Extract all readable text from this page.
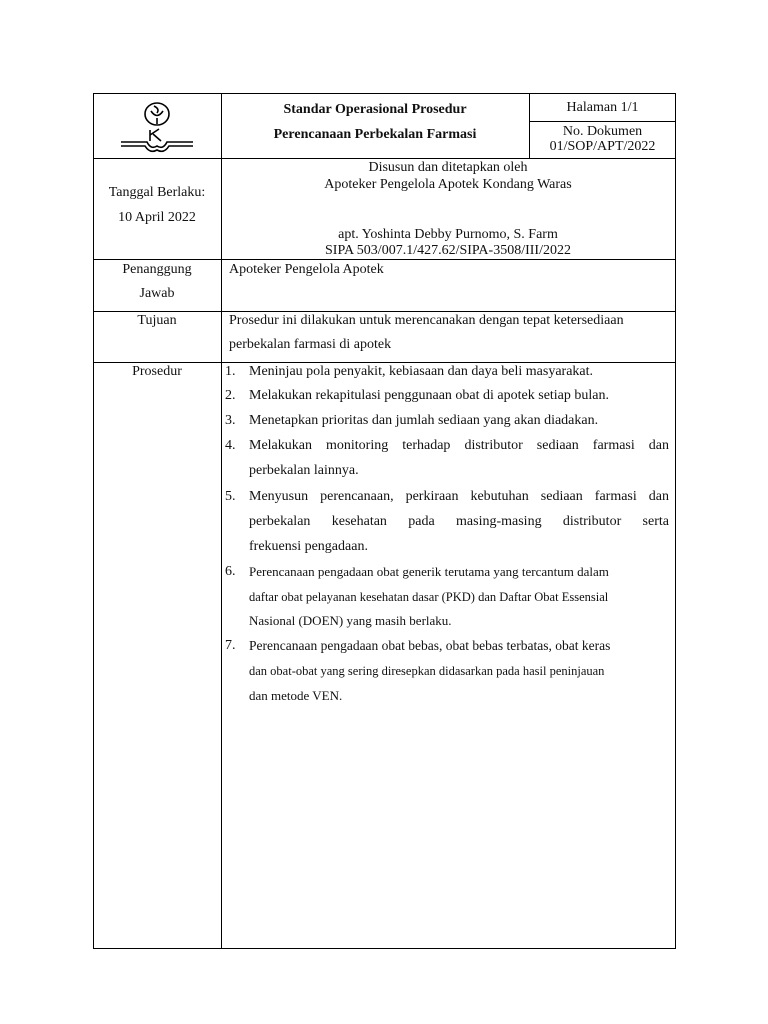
Standar Operasional Prosedur
Perencanaan Perbekalan Farmasi
Halaman 1/1
No. Dokumen
01/SOP/APT/2022
Tanggal Berlaku:
10 April 2022
Disusun dan ditetapkan oleh
Apoteker Pengelola Apotek Kondang Waras
apt. Yoshinta Debby Purnomo, S. Farm
SIPA 503/007.1/427.62/SIPA-3508/III/2022
Penanggung
Jawab
Apoteker Pengelola Apotek
Tujuan	Prosedur ini dilakukan untuk merencanakan dengan tepat ketersediaan
perbekalan farmasi di apotek
Prosedur	1. Meninjau pola penyakit, kebiasaan dan daya beli masyarakat.
2. Melakukan rekapitulasi penggunaan obat di apotek setiap bulan.
3. Menetapkan prioritas dan jumlah sediaan yang akan diadakan.
4. Melakukan monitoring terhadap distributor sediaan farmasi dan
perbekalan lainnya.
5. Menyusun perencanaan, perkiraan kebutuhan sediaan farmasi dan
perbekalan kesehatan pada masing-masing distributor serta
frekuensi pengadaan.
6. Perencanaan pengadaan obat generik terutama yang tercantum dalam
daftar obat pelayanan kesehatan dasar (PKD) dan Daftar Obat Essensial
Nasional (DOEN) yang masih berlaku.
7. Perencanaan pengadaan obat bebas, obat bebas terbatas, obat keras
dan obat-obat yang sering diresepkan didasarkan pada hasil peninjauan
dan metode VEN.
